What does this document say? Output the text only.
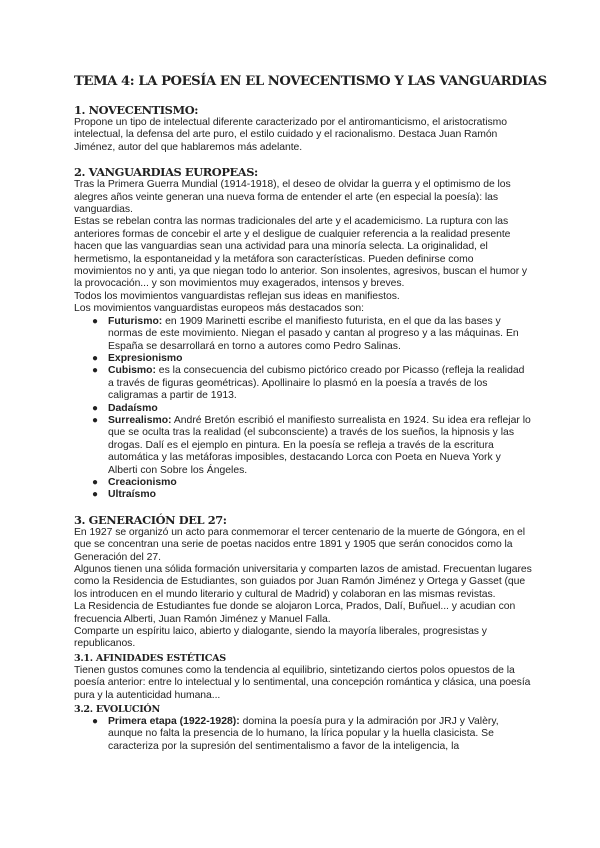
TEMA 4: LA POESÍA EN EL NOVECENTISMO Y LAS VANGUARDIAS
1. NOVECENTISMO:

Propone un tipo de intelectual diferente caracterizado por el antiromanticismo, el aristocratismo intelectual, la defensa del arte puro, el estilo cuidado y el racionalismo. Destaca Juan Ramón Jiménez, autor del que hablaremos más adelante.

2. VANGUARDIAS EUROPEAS:

Tras la Primera Guerra Mundial (1914-1918), el deseo de olvidar la guerra y el optimismo de los alegres años veinte generan una nueva forma de entender el arte (en especial la poesía): las vanguardias.

Estas se rebelan contra las normas tradicionales del arte y el academicismo. La ruptura con las anteriores formas de concebir el arte y el desligue de cualquier referencia a la realidad presente hacen que las vanguardias sean una actividad para una minoría selecta. La originalidad, el hermetismo, la espontaneidad y la metáfora son características. Pueden definirse como movimientos no y anti, ya que niegan todo lo anterior. Son insolentes, agresivos, buscan el humor y la provocación... y son movimientos muy exagerados, intensos y breves.

Todos los movimientos vanguardistas reflejan sus ideas en manifiestos.

Los movimientos vanguardistas europeos más destacados son:

● Futurismo: en 1909 Marinetti escribe el manifiesto futurista, en el que da las bases y normas de este movimiento. Niegan el pasado y cantan al progreso y a las máquinas. En España se desarrollará en torno a autores como Pedro Salinas.
● Expresionismo
● Cubismo: es la consecuencia del cubismo pictórico creado por Picasso (refleja la realidad a través de figuras geométricas). Apollinaire lo plasmó en la poesía a través de los caligramas a partir de 1913.
● Dadaísmo
● Surrealismo: André Bretón escribió el manifiesto surrealista en 1924. Su idea era reflejar lo que se oculta tras la realidad (el subconsciente) a través de los sueños, la hipnosis y las drogas. Dalí es el ejemplo en pintura. En la poesía se refleja a través de la escritura automática y las metáforas imposibles, destacando Lorca con Poeta en Nueva York y Alberti con Sobre los Ángeles.
● Creacionismo
● Ultraísmo
3. GENERACIÓN DEL 27:

En 1927 se organizó un acto para conmemorar el tercer centenario de la muerte de Góngora, en el que se concentran una serie de poetas nacidos entre 1891 y 1905 que serán conocidos como la Generación del 27.

Algunos tienen una sólida formación universitaria y comparten lazos de amistad. Frecuentan lugares como la Residencia de Estudiantes, son guiados por Juan Ramón Jiménez y Ortega y Gasset (que los introducen en el mundo literario y cultural de Madrid) y colaboran en las mismas revistas.

La Residencia de Estudiantes fue donde se alojaron Lorca, Prados, Dalí, Buñuel... y acudian con frecuencia Alberti, Juan Ramón Jiménez y Manuel Falla.

Comparte un espíritu laico, abierto y dialogante, siendo la mayoría liberales, progresistas y republicanos.

3.1. AFINIDADES ESTÉTICAS

Tienen gustos comunes como la tendencia al equilibrio, sintetizando ciertos polos opuestos de la poesía anterior: entre lo intelectual y lo sentimental, una concepción romántica y clásica, una poesía pura y la autenticidad humana...

3.2. EVOLUCIÓN
● Primera etapa (1922-1928): domina la poesía pura y la admiración por JRJ y Valèry, aunque no falta la presencia de lo humano, la lírica popular y la huella clasicista. Se caracteriza por la supresión del sentimentalismo a favor de la inteligencia, la
